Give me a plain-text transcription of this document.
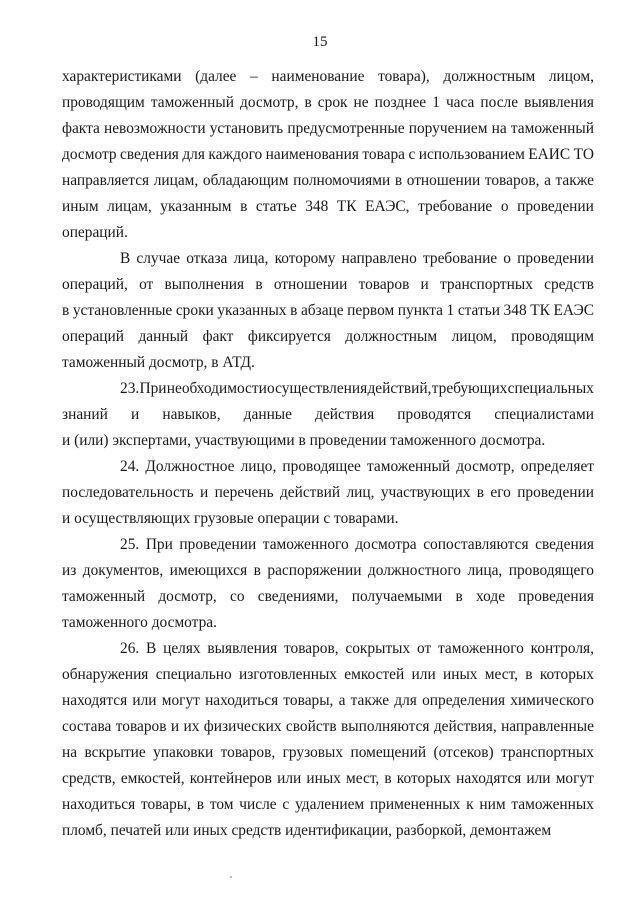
15
характеристиками (далее – наименование товара), должностным лицом,
проводящим таможенный досмотр, в срок не позднее 1 часа после выявления
факта невозможности установить предусмотренные поручением на таможенный
досмотр сведения для каждого наименования товара с использованием ЕАИС ТО
направляется лицам, обладающим полномочиями в отношении товаров, а также
иным лицам, указанным в статье 348 ТК ЕАЭС, требование о проведении
операций.
В случае отказа лица, которому направлено требование о проведении
операций, от выполнения в отношении товаров и транспортных средств
в установленные сроки указанных в абзаце первом пункта 1 статьи 348 ТК ЕАЭС
операций данный факт фиксируется должностным лицом, проводящим
таможенный досмотр, в АТД.
23. При необходимости осуществления действий, требующих специальных
знаний и навыков, данные действия проводятся специалистами
и (или) экспертами, участвующими в проведении таможенного досмотра.
24. Должностное лицо, проводящее таможенный досмотр, определяет
последовательность и перечень действий лиц, участвующих в его проведении
и осуществляющих грузовые операции с товарами.
25. При проведении таможенного досмотра сопоставляются сведения
из документов, имеющихся в распоряжении должностного лица, проводящего
таможенный досмотр, со сведениями, получаемыми в ходе проведения
таможенного досмотра.
26. В целях выявления товаров, сокрытых от таможенного контроля,
обнаружения специально изготовленных емкостей или иных мест, в которых
находятся или могут находиться товары, а также для определения химического
состава товаров и их физических свойств выполняются действия, направленные
на вскрытие упаковки товаров, грузовых помещений (отсеков) транспортных
средств, емкостей, контейнеров или иных мест, в которых находятся или могут
находиться товары, в том числе с удалением примененных к ним таможенных
пломб, печатей или иных средств идентификации, разборкой, демонтажем
